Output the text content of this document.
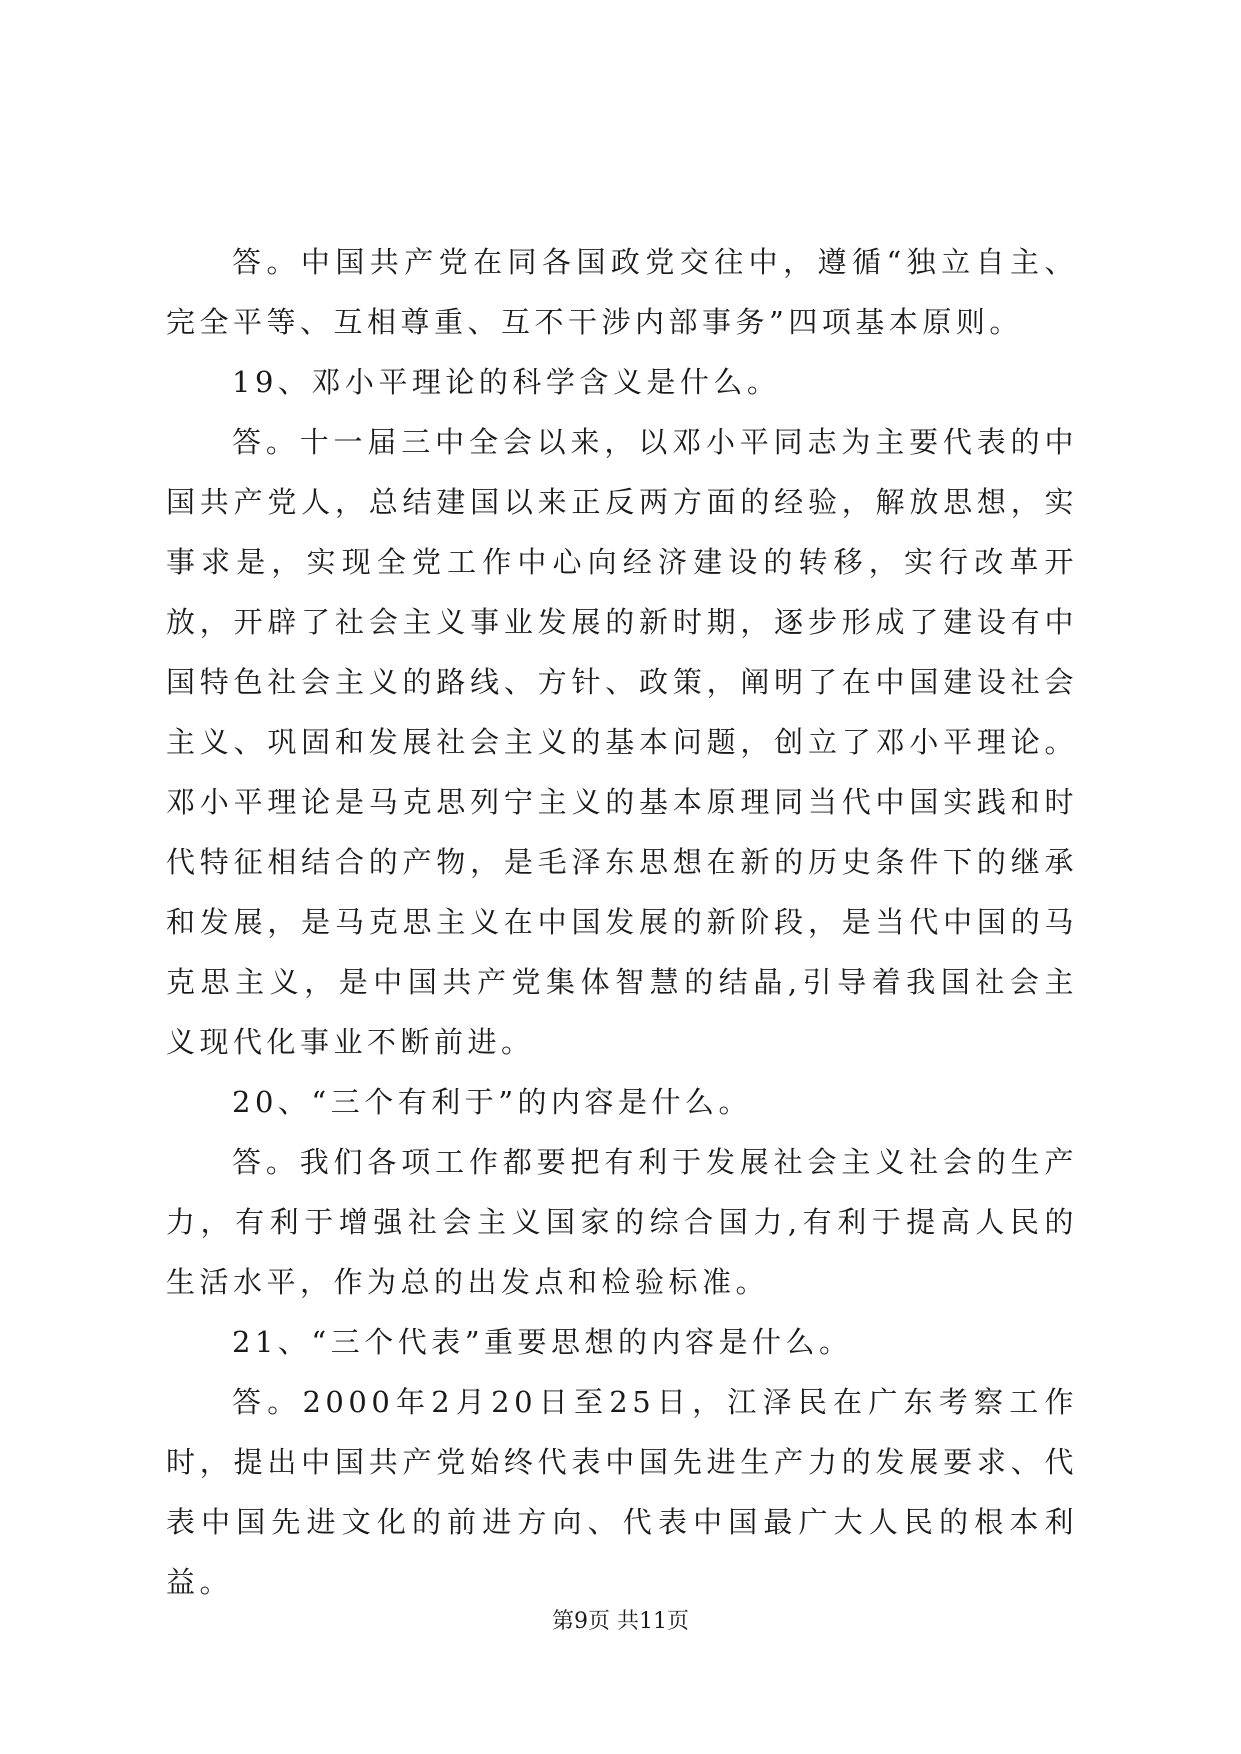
答。中国共产党在同各国政党交往中，遵循“独立自主、完全平等、互相尊重、互不干涉内部事务”四项基本原则。

19、邓小平理论的科学含义是什么。

答。十一届三中全会以来，以邓小平同志为主要代表的中国共产党人，总结建国以来正反两方面的经验，解放思想，实事求是，实现全党工作中心向经济建设的转移，实行改革开放，开辟了社会主义事业发展的新时期，逐步形成了建设有中国特色社会主义的路线、方针、政策，阐明了在中国建设社会主义、巩固和发展社会主义的基本问题，创立了邓小平理论。邓小平理论是马克思列宁主义的基本原理同当代中国实践和时代特征相结合的产物，是毛泽东思想在新的历史条件下的继承和发展，是马克思主义在中国发展的新阶段，是当代中国的马克思主义，是中国共产党集体智慧的结晶,引导着我国社会主义现代化事业不断前进。

20、“三个有利于”的内容是什么。

答。我们各项工作都要把有利于发展社会主义社会的生产力，有利于增强社会主义国家的综合国力,有利于提高人民的生活水平，作为总的出发点和检验标准。

21、“三个代表”重要思想的内容是什么。

答。2000年2月20日至25日，江泽民在广东考察工作时，提出中国共产党始终代表中国先进生产力的发展要求、代表中国先进文化的前进方向、代表中国最广大人民的根本利益。

第9页 共11页
